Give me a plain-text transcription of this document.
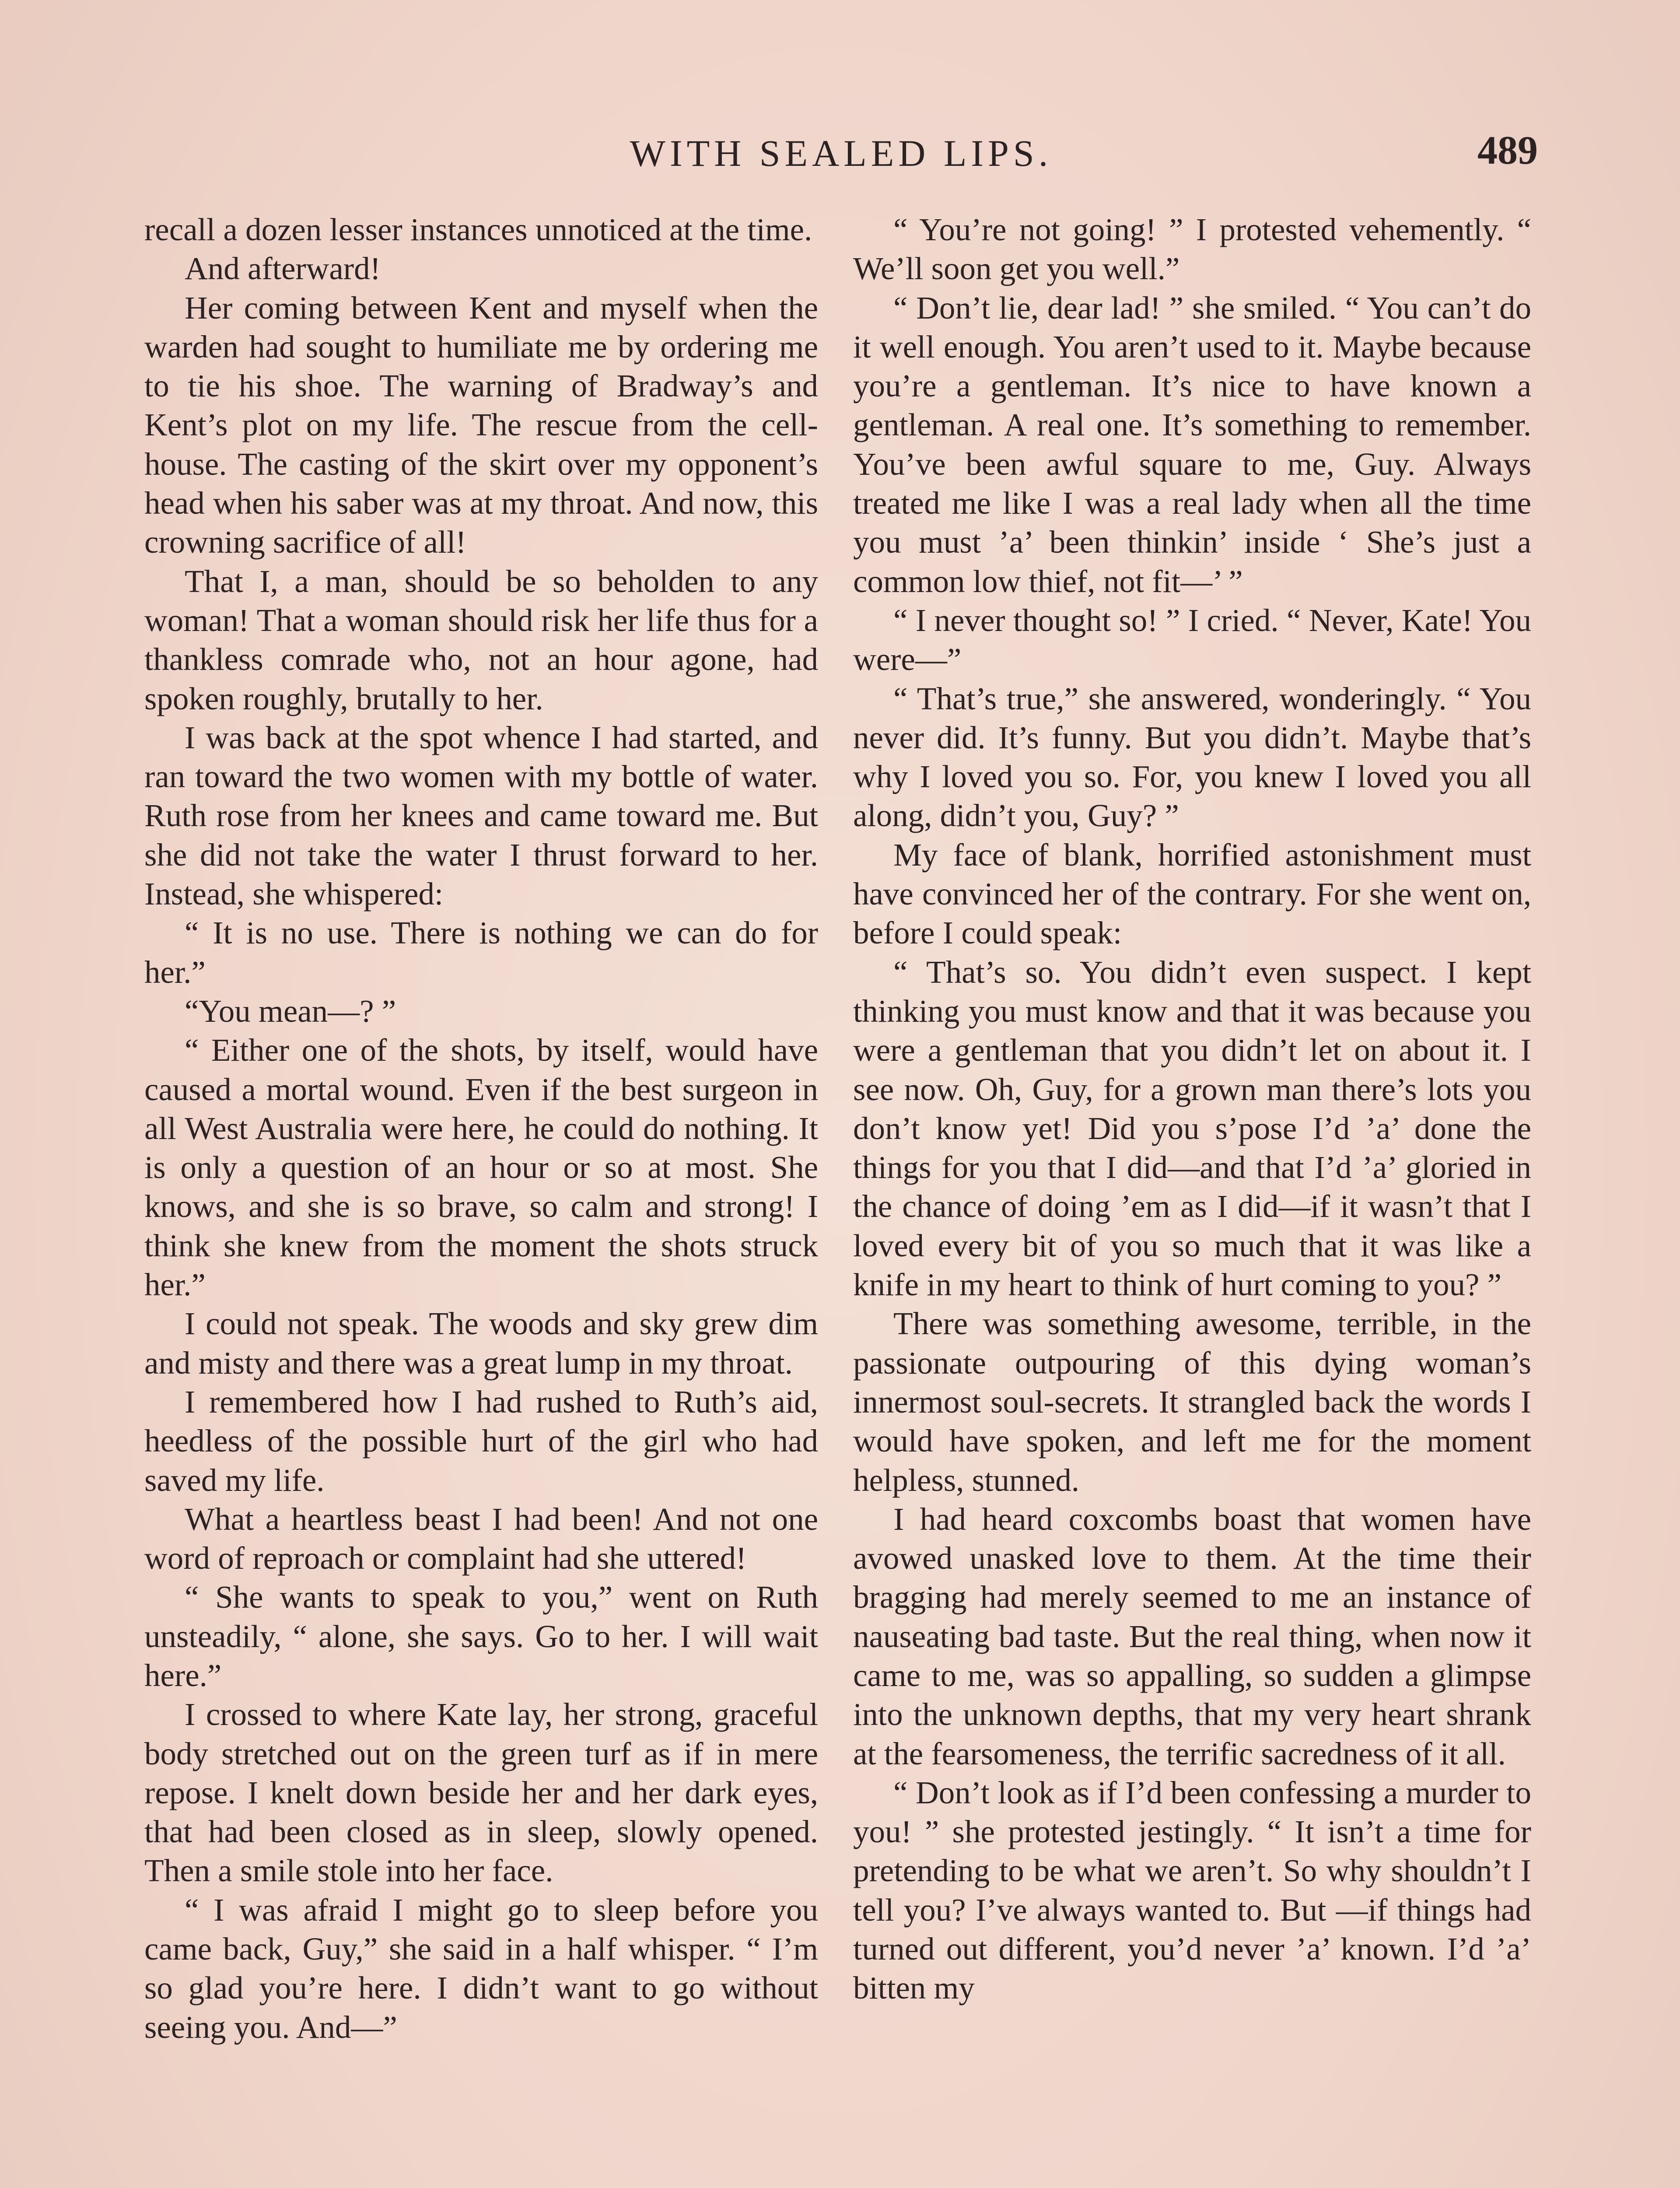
WITH SEALED LIPS.	489

recall a dozen lesser instances unnoticed at the time.

And afterward!

Her coming between Kent and myself when the warden had sought to humiliate me by ordering me to tie his shoe. The warning of Bradway’s and Kent’s plot on my life. The rescue from the cell-house. The casting of the skirt over my opponent’s head when his saber was at my throat. And now, this crowning sacrifice of all!

That I, a man, should be so beholden to any woman! That a woman should risk her life thus for a thankless comrade who, not an hour agone, had spoken roughly, brutally to her.

I was back at the spot whence I had started, and ran toward the two women with my bottle of water. Ruth rose from her knees and came toward me. But she did not take the water I thrust forward to her. Instead, she whispered:

“ It is no use. There is nothing we can do for her.”

“You mean—? ”

“ Either one of the shots, by itself, would have caused a mortal wound. Even if the best surgeon in all West Australia were here, he could do nothing. It is only a question of an hour or so at most. She knows, and she is so brave, so calm and strong! I think she knew from the moment the shots struck her.”

I could not speak. The woods and sky grew dim and misty and there was a great lump in my throat.

I remembered how I had rushed to Ruth’s aid, heedless of the possible hurt of the girl who had saved my life.

What a heartless beast I had been! And not one word of reproach or complaint had she uttered!

“ She wants to speak to you,” went on Ruth unsteadily, “ alone, she says. Go to her. I will wait here.”

I crossed to where Kate lay, her strong, graceful body stretched out on the green turf as if in mere repose. I knelt down beside her and her dark eyes, that had been closed as in sleep, slowly opened. Then a smile stole into her face.

“ I was afraid I might go to sleep before you came back, Guy,” she said in a half whisper. “ I’m so glad you’re here. I didn’t want to go without seeing you. And—”

“ You’re not going! ” I protested vehemently. “ We’ll soon get you well.”

“ Don’t lie, dear lad! ” she smiled. “ You can’t do it well enough. You aren’t used to it. Maybe because you’re a gentleman. It’s nice to have known a gentleman. A real one. It’s something to remember. You’ve been awful square to me, Guy. Always treated me like I was a real lady when all the time you must ’a’ been thinkin’ inside ‘ She’s just a common low thief, not fit—’ ”

“ I never thought so! ” I cried. “ Never, Kate! You were—”

“ That’s true,” she answered, wonderingly. “ You never did. It’s funny. But you didn’t. Maybe that’s why I loved you so. For, you knew I loved you all along, didn’t you, Guy? ”

My face of blank, horrified astonishment must have convinced her of the contrary. For she went on, before I could speak:

“ That’s so. You didn’t even suspect. I kept thinking you must know and that it was because you were a gentleman that you didn’t let on about it. I see now. Oh, Guy, for a grown man there’s lots you don’t know yet! Did you s’pose I’d ’a’ done the things for you that I did—and that I’d ’a’ gloried in the chance of doing ’em as I did—if it wasn’t that I loved every bit of you so much that it was like a knife in my heart to think of hurt coming to you? ”

There was something awesome, terrible, in the passionate outpouring of this dying woman’s innermost soul-secrets. It strangled back the words I would have spoken, and left me for the moment helpless, stunned.

I had heard coxcombs boast that women have avowed unasked love to them. At the time their bragging had merely seemed to me an instance of nauseating bad taste. But the real thing, when now it came to me, was so appalling, so sudden a glimpse into the unknown depths, that my very heart shrank at the fearsomeness, the terrific sacredness of it all.

“ Don’t look as if I’d been confessing a murder to you! ” she protested jestingly. “ It isn’t a time for pretending to be what we aren’t. So why shouldn’t I tell you? I’ve always wanted to. But —if things had turned out different, you’d never ’a’ known. I’d ’a’ bitten my
